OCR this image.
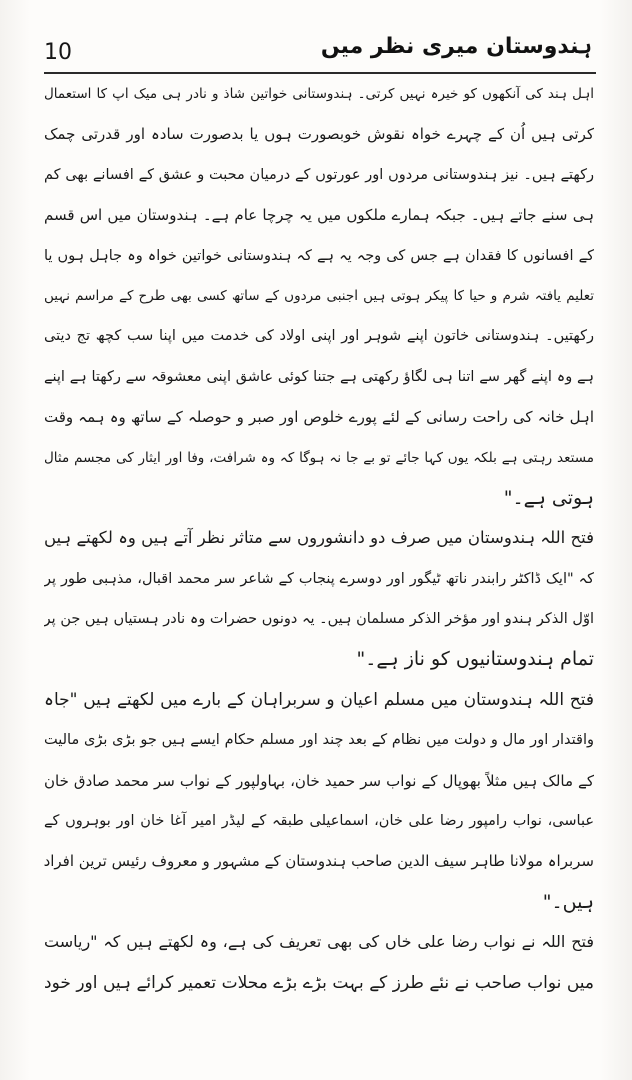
10	ہندوستان میری نظر میں
اہل ہند کی آنکھوں کو خیرہ نہیں کرتی۔ ہندوستانی خواتین شاذ و نادر ہی میک اپ کا استعمال
کرتی ہیں اُن کے چہرے خواہ نقوش خوبصورت ہوں یا بدصورت سادہ اور قدرتی چمک
رکھتے ہیں۔ نیز ہندوستانی مردوں اور عورتوں کے درمیان محبت و عشق کے افسانے بھی کم
ہی سنے جاتے ہیں۔ جبکہ ہمارے ملکوں میں یہ چرچا عام ہے۔ ہندوستان میں اس قسم
کے افسانوں کا فقدان ہے جس کی وجہ یہ ہے کہ ہندوستانی خواتین خواہ وہ جاہل ہوں یا
تعلیم یافتہ شرم و حیا کا پیکر ہوتی ہیں اجنبی مردوں کے ساتھ کسی بھی طرح کے مراسم نہیں
رکھتیں۔ ہندوستانی خاتون اپنے شوہر اور اپنی اولاد کی خدمت میں اپنا سب کچھ تج دیتی
ہے وہ اپنے گھر سے اتنا ہی لگاؤ رکھتی ہے جتنا کوئی عاشق اپنی معشوقہ سے رکھتا ہے اپنے
اہل خانہ کی راحت رسانی کے لئے پورے خلوص اور صبر و حوصلہ کے ساتھ وہ ہمہ وقت
مستعد رہتی ہے بلکہ یوں کہا جائے تو بے جا نہ ہوگا کہ وہ شرافت، وفا اور ایثار کی مجسم مثال
ہوتی ہے۔"
فتح اللہ ہندوستان میں صرف دو دانشوروں سے متاثر نظر آتے ہیں وہ لکھتے ہیں
کہ "ایک ڈاکٹر رابندر ناتھ ٹیگور اور دوسرے پنجاب کے شاعر سر محمد اقبال، مذہبی طور پر
اوّل الذکر ہندو اور مؤخر الذکر مسلمان ہیں۔ یہ دونوں حضرات وہ نادر ہستیاں ہیں جن پر
تمام ہندوستانیوں کو ناز ہے۔"
فتح اللہ ہندوستان میں مسلم اعیان و سربراہان کے بارے میں لکھتے ہیں "جاہ
واقتدار اور مال و دولت میں نظام کے بعد چند اور مسلم حکام ایسے ہیں جو بڑی بڑی مالیت
کے مالک ہیں مثلاً بھوپال کے نواب سر حمید خان، بہاولپور کے نواب سر محمد صادق خان
عباسی، نواب رامپور رضا علی خان، اسماعیلی طبقہ کے لیڈر امیر آغا خان اور بوہروں کے
سربراہ مولانا طاہر سیف الدین صاحب ہندوستان کے مشہور و معروف رئیس ترین افراد
ہیں۔"
فتح اللہ نے نواب رضا علی خاں کی بھی تعریف کی ہے، وہ لکھتے ہیں کہ "ریاست
میں نواب صاحب نے نئے طرز کے بہت بڑے بڑے محلات تعمیر کرائے ہیں اور خود
